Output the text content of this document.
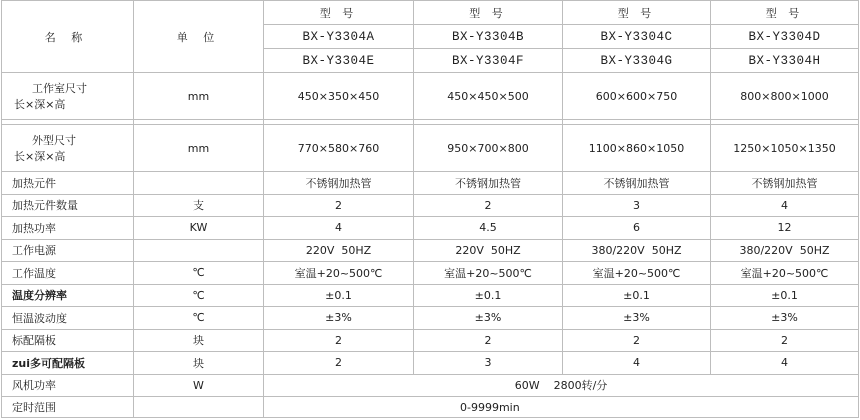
名 称	单 位	型 号	型 号	型 号	型 号
		BX-Y3304A	BX-Y3304B	BX-Y3304C	BX-Y3304D
		BX-Y3304E	BX-Y3304F	BX-Y3304G	BX-Y3304H

工作室尺寸
长×深×高	mm	450×350×450	450×450×500	600×600×750	800×800×1000

外型尺寸
长×深×高	mm	770×580×760	950×700×800	1100×860×1050	1250×1050×1350
加热元件		不锈钢加热管	不锈钢加热管	不锈钢加热管	不锈钢加热管
加热元件数量	支	2	2	3	4
加热功率	KW	4	4.5	6	12
工作电源		220V  50HZ	220V  50HZ	380/220V  50HZ	380/220V  50HZ
工作温度	℃	室温+20~500℃	室温+20~500℃	室温+20~500℃	室温+20~500℃
温度分辨率	℃	±0.1	±0.1	±0.1	±0.1
恒温波动度	℃	±3%	±3%	±3%	±3%
标配隔板	块	2	2	2	2
zui多可配隔板	块	2	3	4	4
风机功率	W	60W 2800转/分			
定时范围		0-9999min			
